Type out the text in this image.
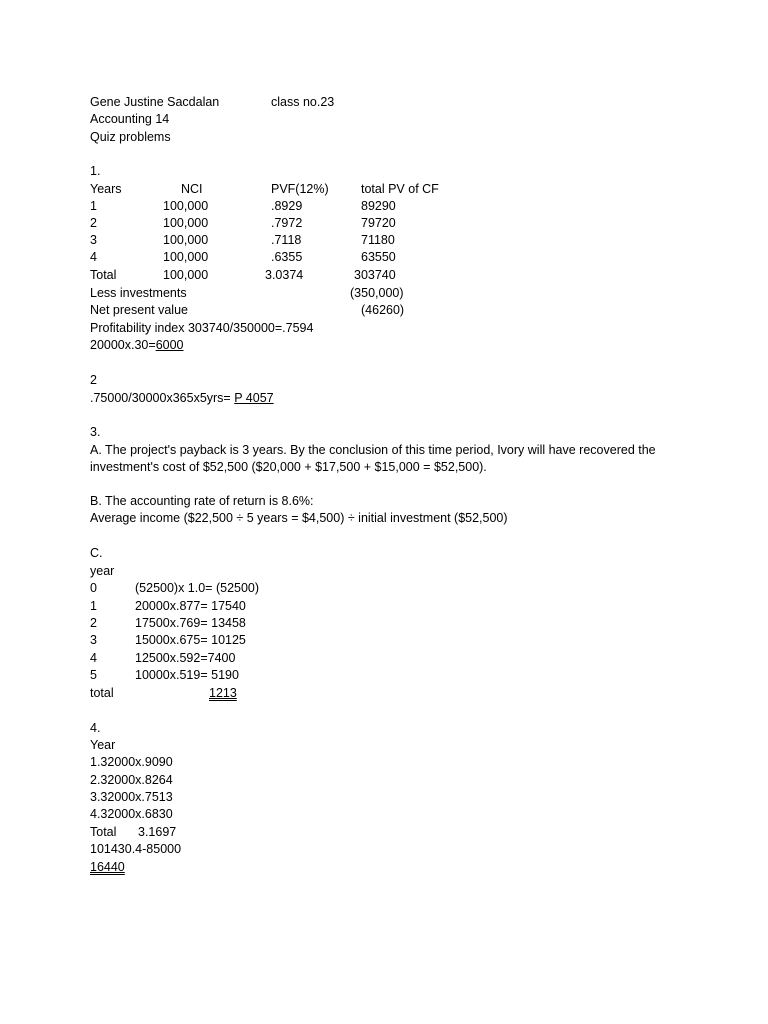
Gene Justine Sacdalan	class no.23
Accounting 14
Quiz problems
1.
Years	NCI	PVF(12%)	total PV of CF
1	100,000	.8929	89290
2	100,000	.7972	79720
3	100,000	.7118	71180
4	100,000	.6355	63550
Total	100,000	3.0374	303740
Less investments	(350,000)
Net present value	(46260)
Profitability index 303740/350000=.7594
20000x.30=6000
2
.75000/30000x365x5yrs= P 4057
3.
A. The project's payback is 3 years. By the conclusion of this time period, Ivory will have recovered the
investment's cost of $52,500 ($20,000 + $17,500 + $15,000 = $52,500).
B. The accounting rate of return is 8.6%:
Average income ($22,500 ÷ 5 years = $4,500) ÷ initial investment ($52,500)
C.
year
0	(52500)x 1.0= (52500)
1	20000x.877= 17540
2	17500x.769= 13458
3	15000x.675= 10125
4	12500x.592=7400
5	10000x.519= 5190
total	1213
4.
Year
1.32000x.9090
2.32000x.8264
3.32000x.7513
4.32000x.6830
Total 3.1697
101430.4-85000
16440
